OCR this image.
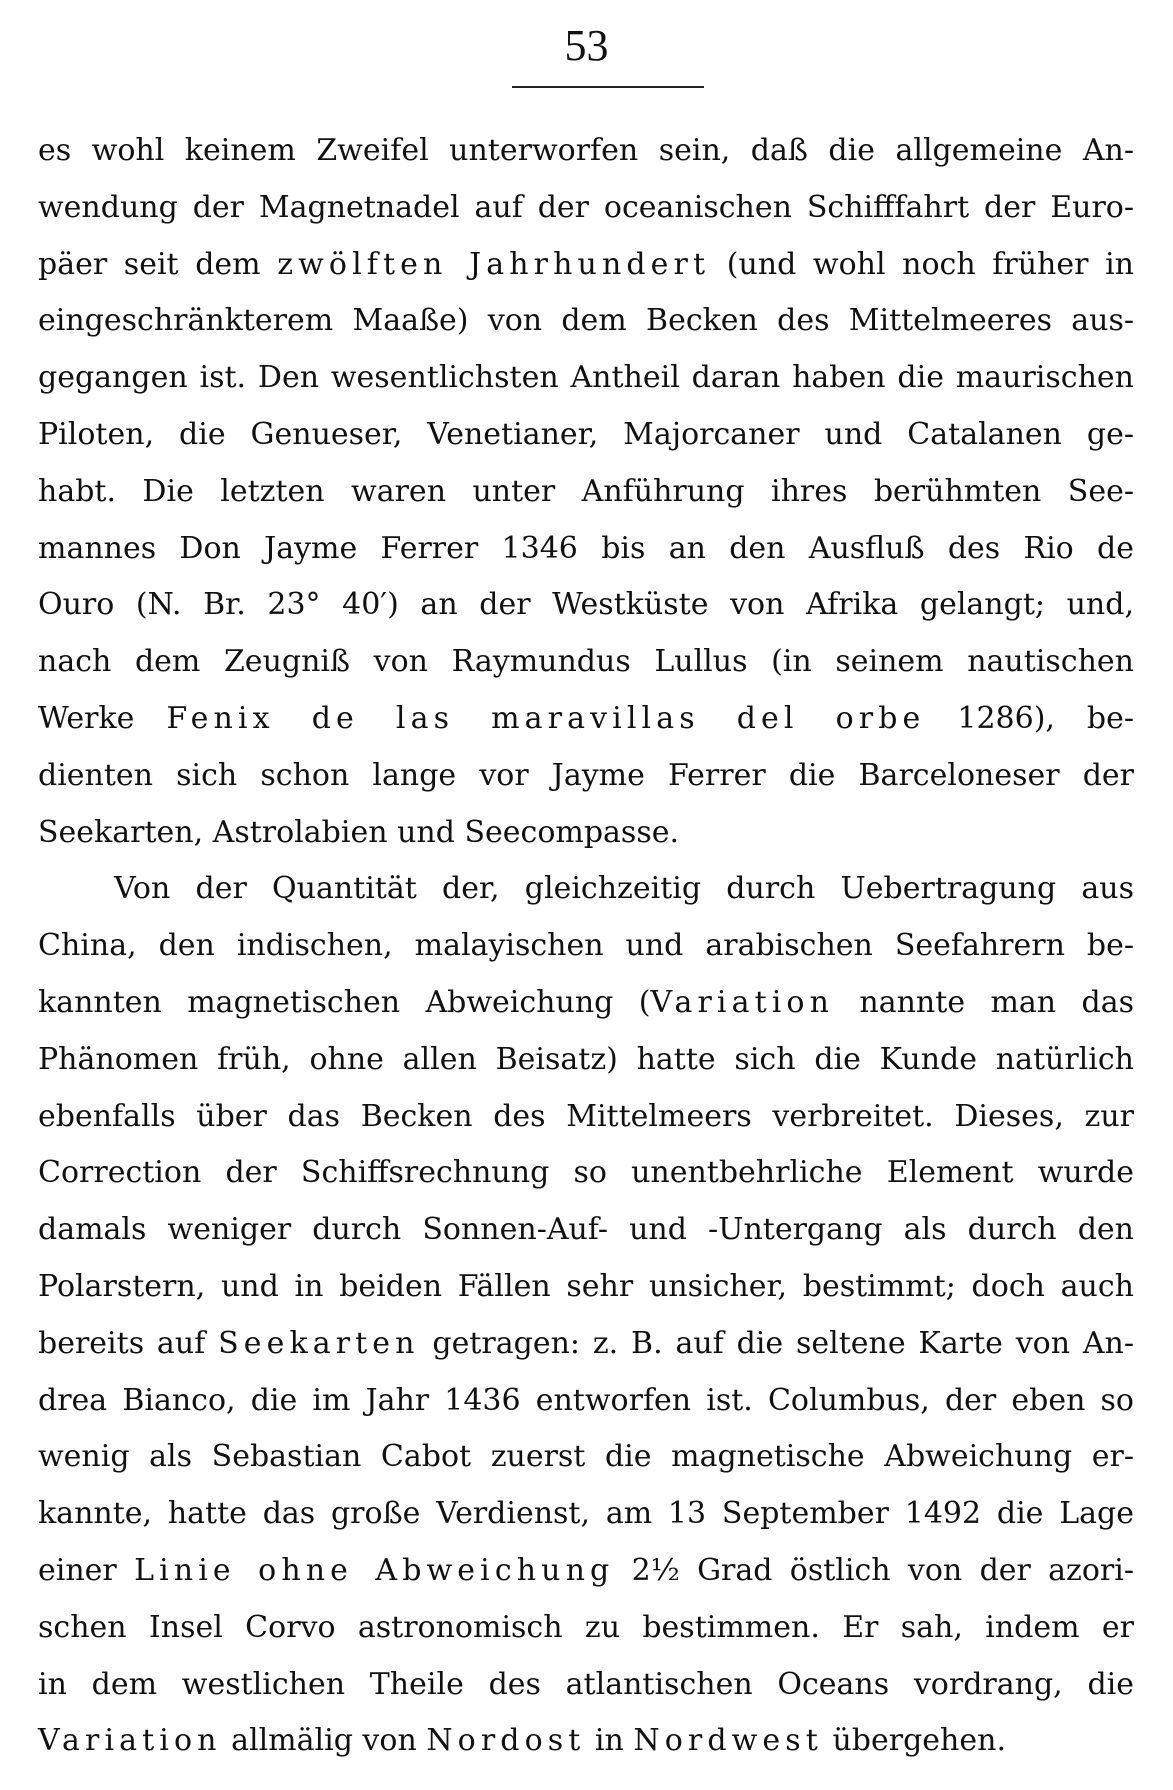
53
es wohl keinem Zweifel unterworfen sein, daß die allgemeine An-
wendung der Magnetnadel auf der oceanischen Schifffahrt der Euro-
päer seit dem zwölften Jahrhundert (und wohl noch früher in
eingeschränkterem Maaße) von dem Becken des Mittelmeeres aus-
gegangen ist. Den wesentlichsten Antheil daran haben die maurischen
Piloten, die Genueser, Venetianer, Majorcaner und Catalanen ge-
habt. Die letzten waren unter Anführung ihres berühmten See-
mannes Don Jayme Ferrer 1346 bis an den Ausfluß des Rio de
Ouro (N. Br. 23° 40′) an der Westküste von Afrika gelangt; und,
nach dem Zeugniß von Raymundus Lullus (in seinem nautischen
Werke Fenix de las maravillas del orbe 1286), be-
dienten sich schon lange vor Jayme Ferrer die Barceloneser der
Seekarten, Astrolabien und Seecompasse.
Von der Quantität der, gleichzeitig durch Uebertragung aus
China, den indischen, malayischen und arabischen Seefahrern be-
kannten magnetischen Abweichung (Variation nannte man das
Phänomen früh, ohne allen Beisatz) hatte sich die Kunde natürlich
ebenfalls über das Becken des Mittelmeers verbreitet. Dieses, zur
Correction der Schiffsrechnung so unentbehrliche Element wurde
damals weniger durch Sonnen-Auf- und -Untergang als durch den
Polarstern, und in beiden Fällen sehr unsicher, bestimmt; doch auch
bereits auf Seekarten getragen: z. B. auf die seltene Karte von An-
drea Bianco, die im Jahr 1436 entworfen ist. Columbus, der eben so
wenig als Sebastian Cabot zuerst die magnetische Abweichung er-
kannte, hatte das große Verdienst, am 13 September 1492 die Lage
einer Linie ohne Abweichung 2½ Grad östlich von der azori-
schen Insel Corvo astronomisch zu bestimmen. Er sah, indem er
in dem westlichen Theile des atlantischen Oceans vordrang, die
Variation allmälig von Nordost in Nordwest übergehen.
